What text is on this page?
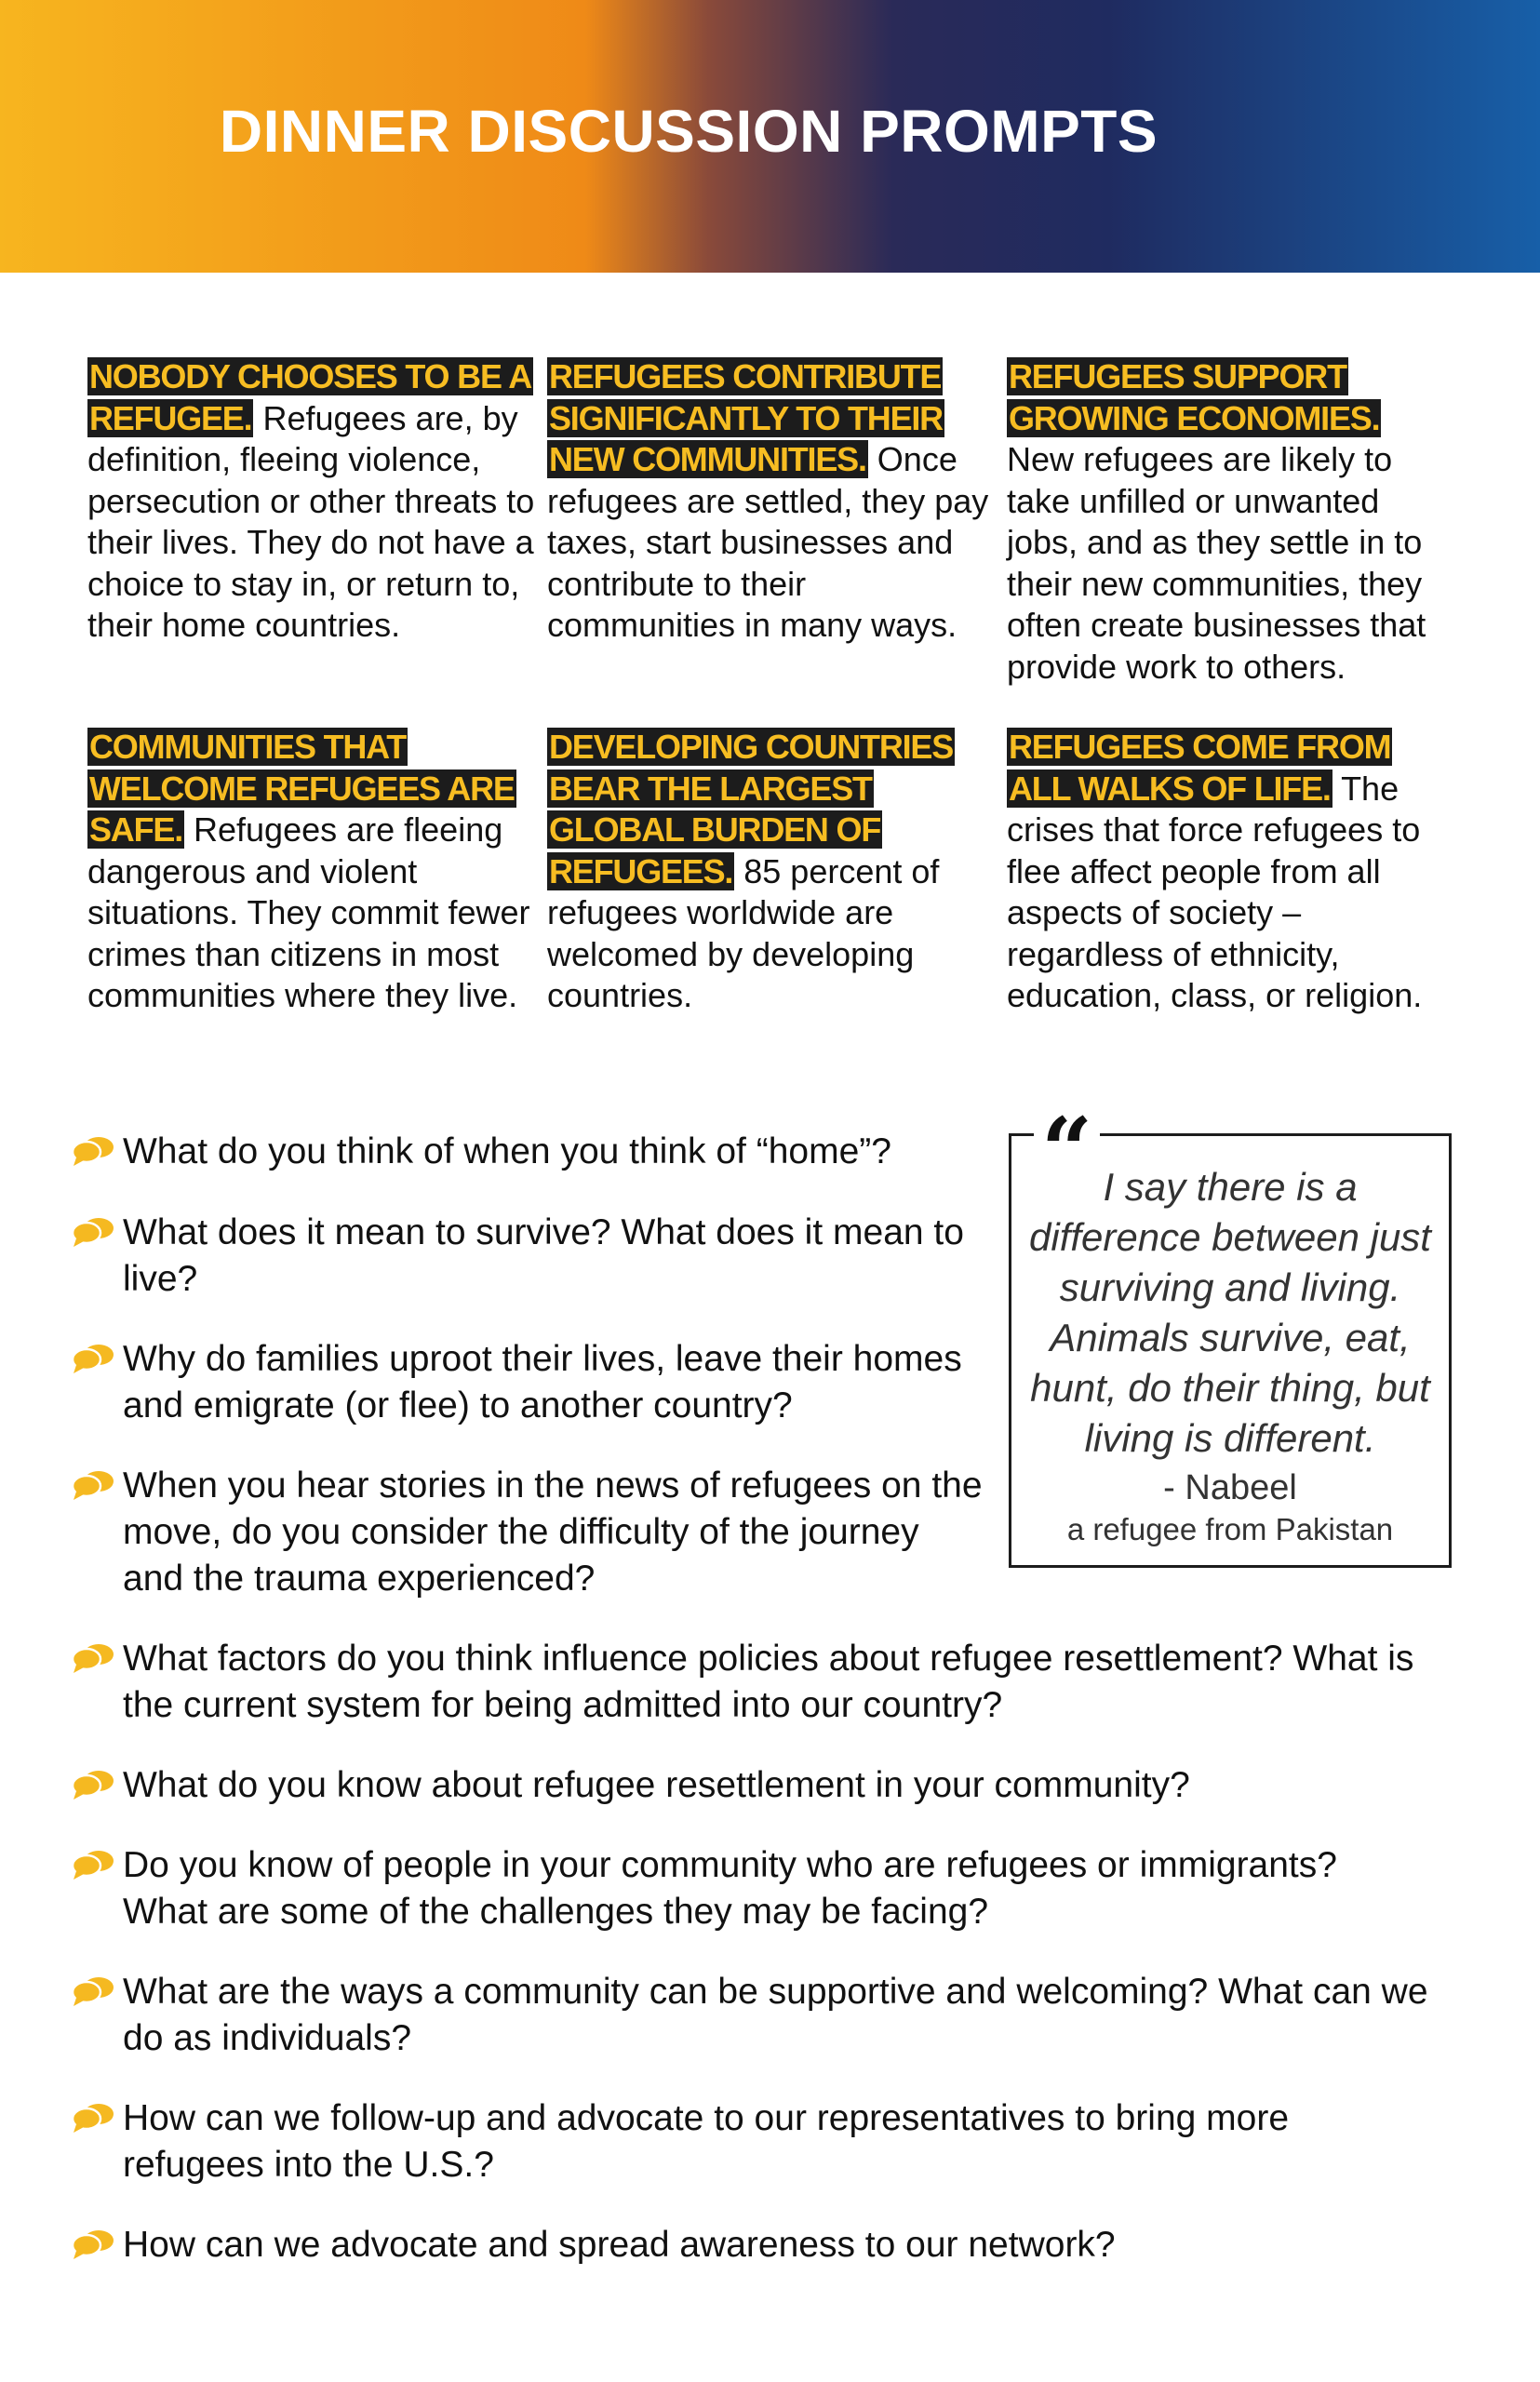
DINNER DISCUSSION PROMPTS
NOBODY CHOOSES TO BE A REFUGEE. Refugees are, by definition, fleeing violence, persecution or other threats to their lives. They do not have a choice to stay in, or return to, their home countries.
REFUGEES CONTRIBUTE SIGNIFICANTLY TO THEIR NEW COMMUNITIES. Once refugees are settled, they pay taxes, start businesses and contribute to their communities in many ways.
REFUGEES SUPPORT GROWING ECONOMIES. New refugees are likely to take unfilled or unwanted jobs, and as they settle in to their new communities, they often create businesses that provide work to others.
COMMUNITIES THAT WELCOME REFUGEES ARE SAFE. Refugees are fleeing dangerous and violent situations. They commit fewer crimes than citizens in most communities where they live.
DEVELOPING COUNTRIES BEAR THE LARGEST GLOBAL BURDEN OF REFUGEES. 85 percent of refugees worldwide are welcomed by developing countries.
REFUGEES COME FROM ALL WALKS OF LIFE. The crises that force refugees to flee affect people from all aspects of society – regardless of ethnicity, education, class, or religion.
What do you think of when you think of “home”?
What does it mean to survive? What does it mean to live?
Why do families uproot their lives, leave their homes and emigrate (or flee) to another country?
When you hear stories in the news of refugees on the move, do you consider the difficulty of the journey and the trauma experienced?
What factors do you think influence policies about refugee resettlement? What is the current system for being admitted into our country?
What do you know about refugee resettlement in your community?
Do you know of people in your community who are refugees or immigrants? What are some of the challenges they may be facing?
What are the ways a community can be supportive and welcoming? What can we do as individuals?
How can we follow-up and advocate to our representatives to bring more refugees into the U.S.?
How can we advocate and spread awareness to our network?
“ I say there is a difference between just surviving and living. Animals survive, eat, hunt, do their thing, but living is different.
- Nabeel
a refugee from Pakistan
